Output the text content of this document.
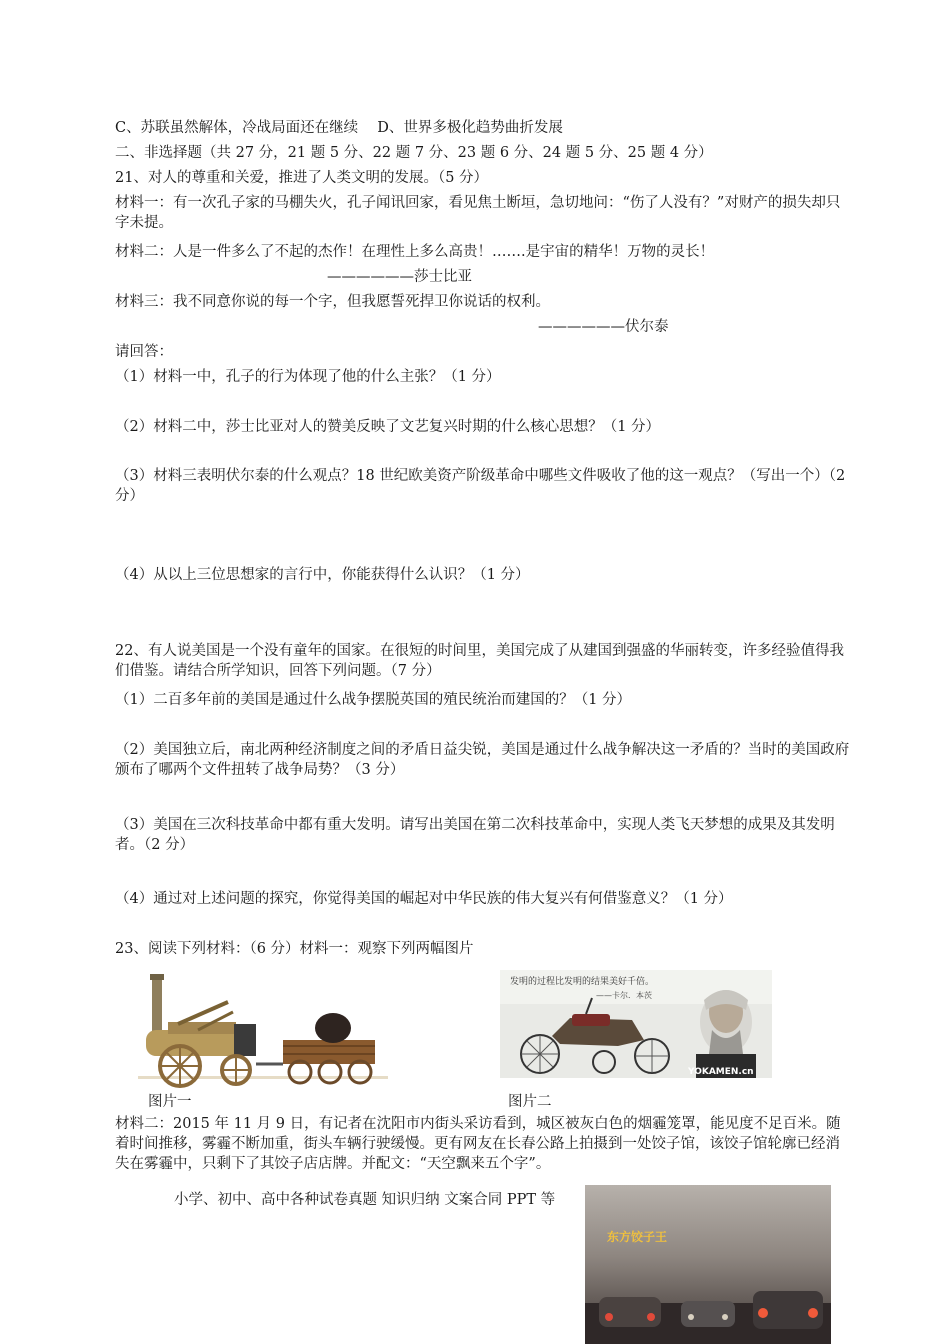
C、苏联虽然解体，冷战局面还在继续　 D、世界多极化趋势曲折发展
二、非选择题（共 27 分，21 题 5 分、22 题 7 分、23 题 6 分、24 题 5 分、25 题 4 分）
21、对人的尊重和关爱，推进了人类文明的发展。（5 分）
材料一：有一次孔子家的马棚失火，孔子闻讯回家，看见焦土断垣，急切地问：“伤了人没有？”对财产的损失却只字未提。
材料二：人是一件多么了不起的杰作！在理性上多么高贵！…….是宇宙的精华！万物的灵长！
——————莎士比亚
材料三：我不同意你说的每一个字，但我愿誓死捍卫你说话的权利。
——————伏尔泰
请回答：
（1）材料一中，孔子的行为体现了他的什么主张？（1 分）
（2）材料二中，莎士比亚对人的赞美反映了文艺复兴时期的什么核心思想？（1 分）
（3）材料三表明伏尔泰的什么观点？18 世纪欧美资产阶级革命中哪些文件吸收了他的这一观点？（写出一个）（2 分）
（4）从以上三位思想家的言行中，你能获得什么认识？（1 分）
22、有人说美国是一个没有童年的国家。在很短的时间里，美国完成了从建国到强盛的华丽转变，许多经验值得我们借鉴。请结合所学知识，回答下列问题。（7 分）
（1）二百多年前的美国是通过什么战争摆脱英国的殖民统治而建国的？（1 分）
（2）美国独立后，南北两种经济制度之间的矛盾日益尖锐，美国是通过什么战争解决这一矛盾的？当时的美国政府颁布了哪两个文件扭转了战争局势？（3 分）
（3）美国在三次科技革命中都有重大发明。请写出美国在第二次科技革命中，实现人类飞天梦想的成果及其发明者。（2 分）
（4）通过对上述问题的探究，你觉得美国的崛起对中华民族的伟大复兴有何借鉴意义？（1 分）
23、阅读下列材料：（6 分）材料一：观察下列两幅图片
图片一
发明的过程比发明的结果美好千倍。
——卡尔．本茨
YOKAMEN.cn
图片二
材料二：2015 年 11 月 9 日，有记者在沈阳市内街头采访看到，城区被灰白色的烟霾笼罩，能见度不足百米。随着时间推移，雾霾不断加重，街头车辆行驶缓慢。更有网友在长春公路上拍摄到一处饺子馆，该饺子馆轮廓已经消失在雾霾中，只剩下了其饺子店店牌。并配文：“天空飘来五个字”。
小学、初中、高中各种试卷真题 知识归纳 文案合同 PPT 等
东方饺子王
